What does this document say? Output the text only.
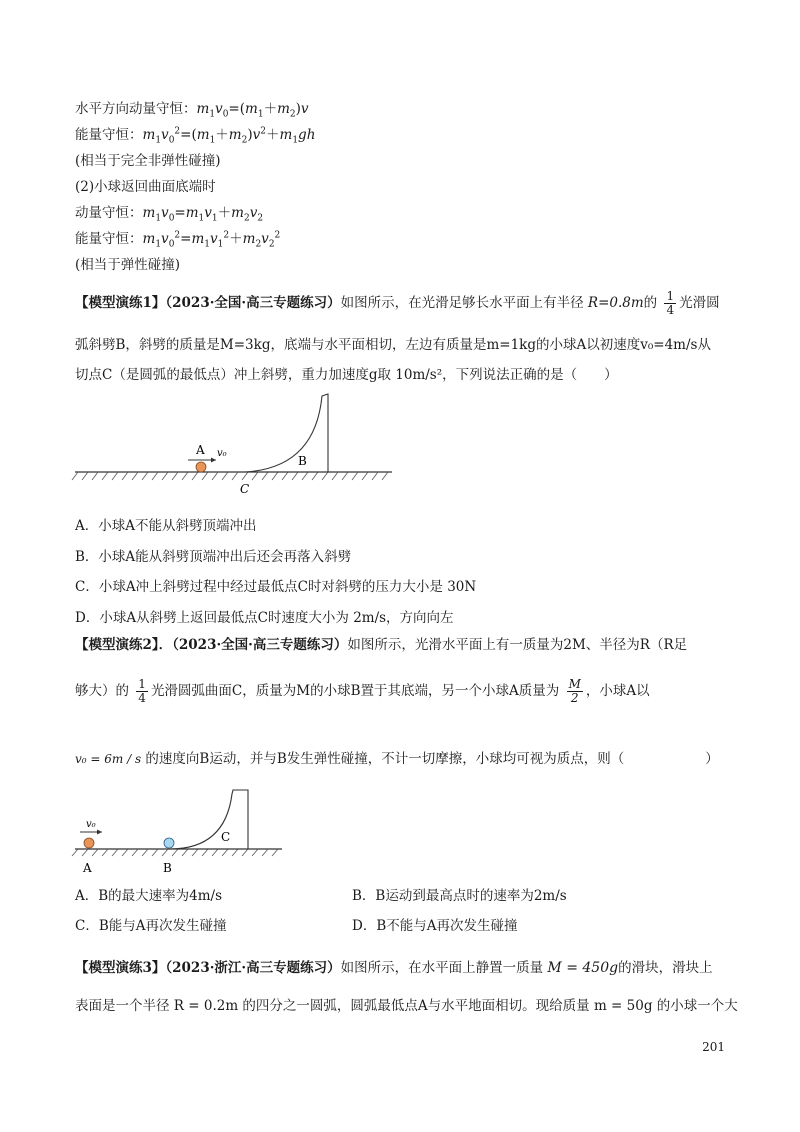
水平方向动量守恒：$m_1v_0=(m_1+m_2)v$
能量守恒：$m_1v_0^2=(m_1+m_2)v^2+m_1gh$
(相当于完全非弹性碰撞)
(2)小球返回曲面底端时
动量守恒：$m_1v_0=m_1v_1+m_2v_2$
能量守恒：$m_1v_0^2=m_1v_1^2+m_2v_2^2$
(相当于弹性碰撞)
【模型演练1】（2023·全国·高三专题练习）如图所示，在光滑足够长水平面上有半径 R=0.8m的 $\frac{1}{4}$ 光滑圆
弧斜劈B，斜劈的质量是M=3kg，底端与水平面相切，左边有质量是m=1kg的小球A以初速度v₀=4m/s从
切点C（是圆弧的最低点）冲上斜劈，重力加速度g取 10m/s²，下列说法正确的是（　　）
A v₀
B
C
A．小球A不能从斜劈顶端冲出
B．小球A能从斜劈顶端冲出后还会再落入斜劈
C．小球A冲上斜劈过程中经过最低点C时对斜劈的压力大小是 30N
D．小球A从斜劈上返回最低点C时速度大小为 2m/s，方向向左
【模型演练2】．（2023·全国·高三专题练习）如图所示，光滑水平面上有一质量为2M、半径为R（R足
够大）的 $\frac{1}{4}$ 光滑圆弧曲面C，质量为M的小球B置于其底端，另一个小球A质量为 $\frac{M}{2}$ ，小球A以
v₀ = 6m / s 的速度向B运动，并与B发生弹性碰撞，不计一切摩擦，小球均可视为质点，则（　　　　　　）
v₀
A	B
C
A．B的最大速率为4m/s	B．B运动到最高点时的速率为2m/s
C．B能与A再次发生碰撞	D．B不能与A再次发生碰撞
【模型演练3】（2023·浙江·高三专题练习）如图所示，在水平面上静置一质量 M = 450g的滑块，滑块上
表面是一个半径 R = 0.2m 的四分之一圆弧，圆弧最低点A与水平地面相切。现给质量 m = 50g 的小球一个大
201
